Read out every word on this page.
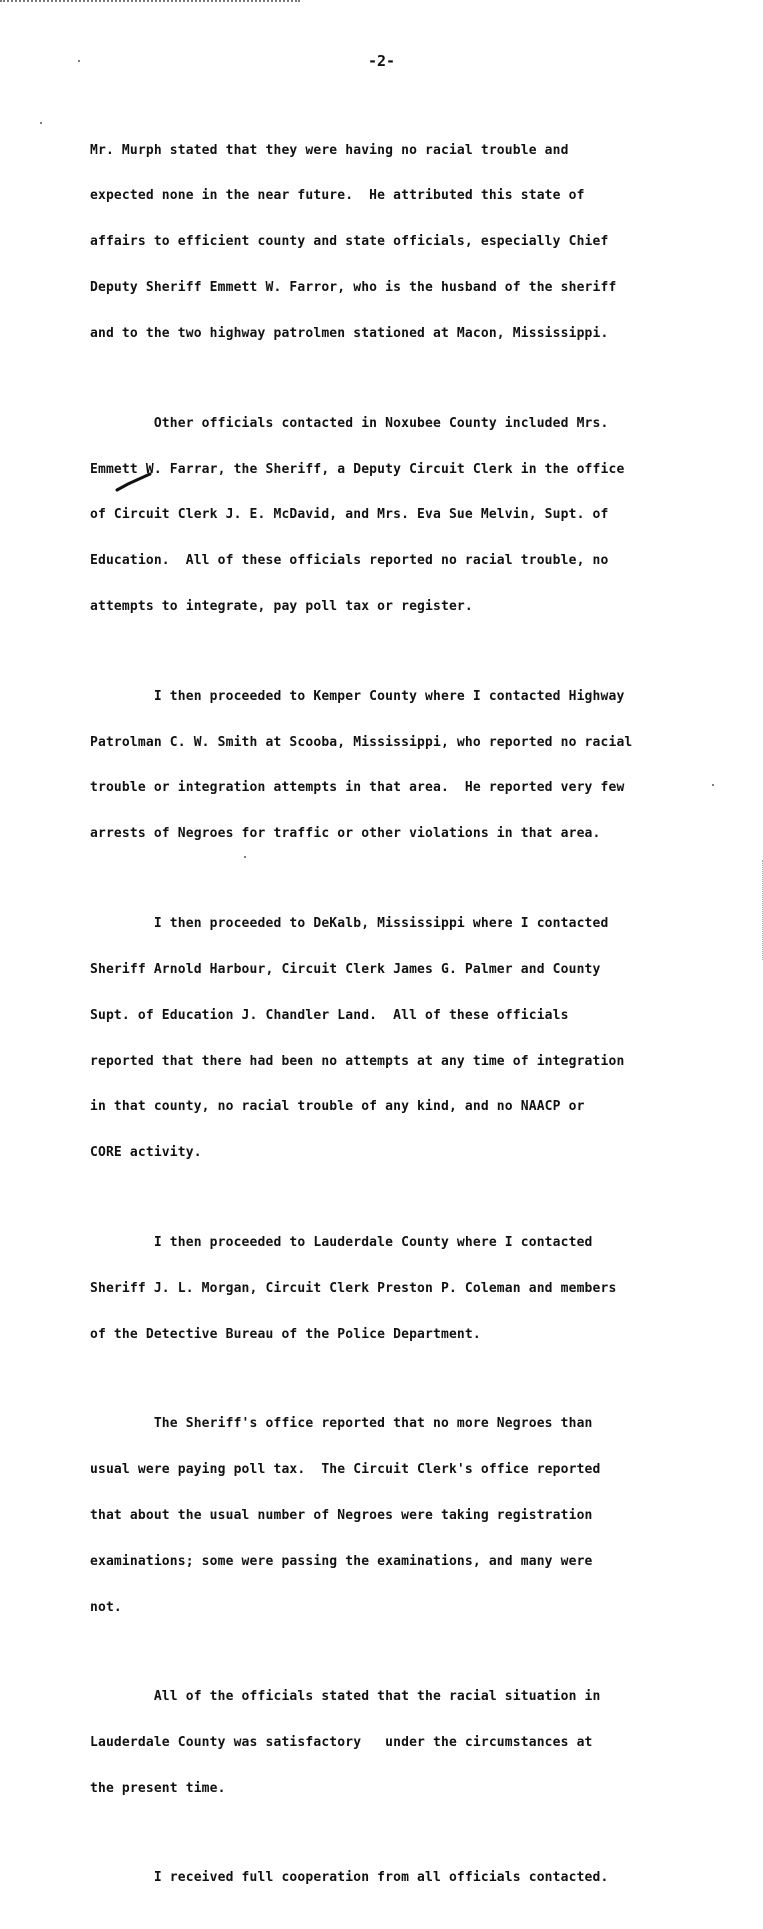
-2-

Mr. Murph stated that they were having no racial trouble and

expected none in the near future.  He attributed this state of

affairs to efficient county and state officials, especially Chief

Deputy Sheriff Emmett W. Farror, who is the husband of the sheriff

and to the two highway patrolmen stationed at Macon, Mississippi.

Other officials contacted in Noxubee County included Mrs.

Emmett W. Farrar, the Sheriff, a Deputy Circuit Clerk in the office

of Circuit Clerk J. E. McDavid, and Mrs. Eva Sue Melvin, Supt. of

Education.  All of these officials reported no racial trouble, no

attempts to integrate, pay poll tax or register.

I then proceeded to Kemper County where I contacted Highway

Patrolman C. W. Smith at Scooba, Mississippi, who reported no racial

trouble or integration attempts in that area.  He reported very few

arrests of Negroes for traffic or other violations in that area.

I then proceeded to DeKalb, Mississippi where I contacted

Sheriff Arnold Harbour, Circuit Clerk James G. Palmer and County

Supt. of Education J. Chandler Land.  All of these officials

reported that there had been no attempts at any time of integration

in that county, no racial trouble of any kind, and no NAACP or

CORE activity.

I then proceeded to Lauderdale County where I contacted

Sheriff J. L. Morgan, Circuit Clerk Preston P. Coleman and members

of the Detective Bureau of the Police Department.

The Sheriff's office reported that no more Negroes than

usual were paying poll tax.  The Circuit Clerk's office reported

that about the usual number of Negroes were taking registration

examinations; some were passing the examinations, and many were

not.

All of the officials stated that the racial situation in

Lauderdale County was satisfactory   under the circumstances at

the present time.

I received full cooperation from all officials contacted.
